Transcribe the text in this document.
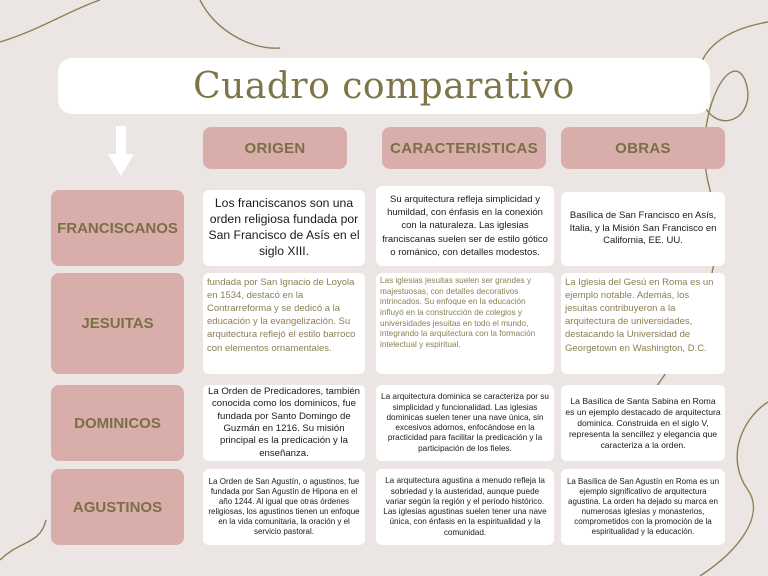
Cuadro comparativo
ORIGEN	CARACTERISTICAS	OBRAS
FRANCISCANOS
Los franciscanos son una orden religiosa fundada por San Francisco de Asís en el siglo XIII.
Su arquitectura refleja simplicidad y humildad, con énfasis en la conexión con la naturaleza. Las iglesias franciscanas suelen ser de estilo gótico o románico, con detalles modestos.
Basílica de San Francisco en Asís, Italia, y la Misión San Francisco en California, EE. UU.
JESUITAS
fundada por San Ignacio de Loyola en 1534, destacó en la Contrarreforma y se dedicó a la educación y la evangelización. Su arquitectura reflejó el estilo barroco con elementos ornamentales.
Las iglesias jesuitas suelen ser grandes y majestuosas, con detalles decorativos intrincados. Su enfoque en la educación influyó en la construcción de colegios y universidades jesuitas en todo el mundo, integrando la arquitectura con la formación intelectual y espiritual.
La Iglesia del Gesù en Roma es un ejemplo notable. Además, los jesuitas contribuyeron a la arquitectura de universidades, destacando la Universidad de Georgetown en Washington, D.C.
DOMINICOS
La Orden de Predicadores, también conocida como los dominicos, fue fundada por Santo Domingo de Guzmán en 1216. Su misión principal es la predicación y la enseñanza.
La arquitectura dominica se caracteriza por su simplicidad y funcionalidad. Las iglesias dominicas suelen tener una nave única, sin excesivos adornos, enfocándose en la practicidad para facilitar la predicación y la participación de los fieles.
La Basílica de Santa Sabina en Roma es un ejemplo destacado de arquitectura dominica. Construida en el siglo V, representa la sencillez y elegancia que caracteriza a la orden.
AGUSTINOS
La Orden de San Agustín, o agustinos, fue fundada por San Agustín de Hipona en el año 1244. Al igual que otras órdenes religiosas, los agustinos tienen un enfoque en la vida comunitaria, la oración y el servicio pastoral.
La arquitectura agustina a menudo refleja la sobriedad y la austeridad, aunque puede variar según la región y el periodo histórico. Las iglesias agustinas suelen tener una nave única, con énfasis en la espiritualidad y la comunidad.
La Basílica de San Agustín en Roma es un ejemplo significativo de arquitectura agustina. La orden ha dejado su marca en numerosas iglesias y monasterios, comprometidos con la promoción de la espiritualidad y la educación.
